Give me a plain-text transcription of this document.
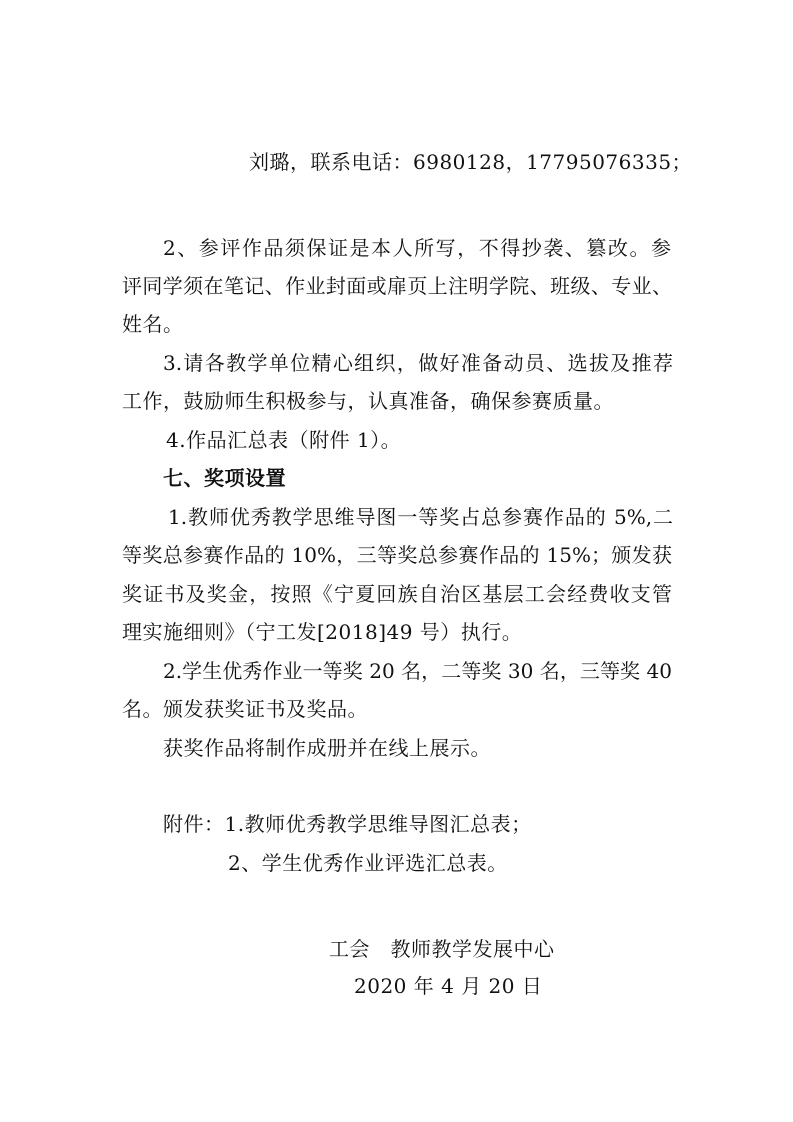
刘璐，联系电话：6980128，17795076335；
2、参评作品须保证是本人所写，不得抄袭、篡改。参
评同学须在笔记、作业封面或扉页上注明学院、班级、专业、
姓名。
3.请各教学单位精心组织，做好准备动员、选拔及推荐
工作，鼓励师生积极参与，认真准备，确保参赛质量。
4.作品汇总表（附件 1）。
七、奖项设置
1.教师优秀教学思维导图一等奖占总参赛作品的 5%,二
等奖总参赛作品的 10%，三等奖总参赛作品的 15%；颁发获
奖证书及奖金，按照《宁夏回族自治区基层工会经费收支管
理实施细则》（宁工发[2018]49 号）执行。
2.学生优秀作业一等奖 20 名，二等奖 30 名，三等奖 40
名。颁发获奖证书及奖品。
获奖作品将制作成册并在线上展示。
附件：1.教师优秀教学思维导图汇总表；
2、学生优秀作业评选汇总表。
工会　教师教学发展中心
2020 年 4 月 20 日
